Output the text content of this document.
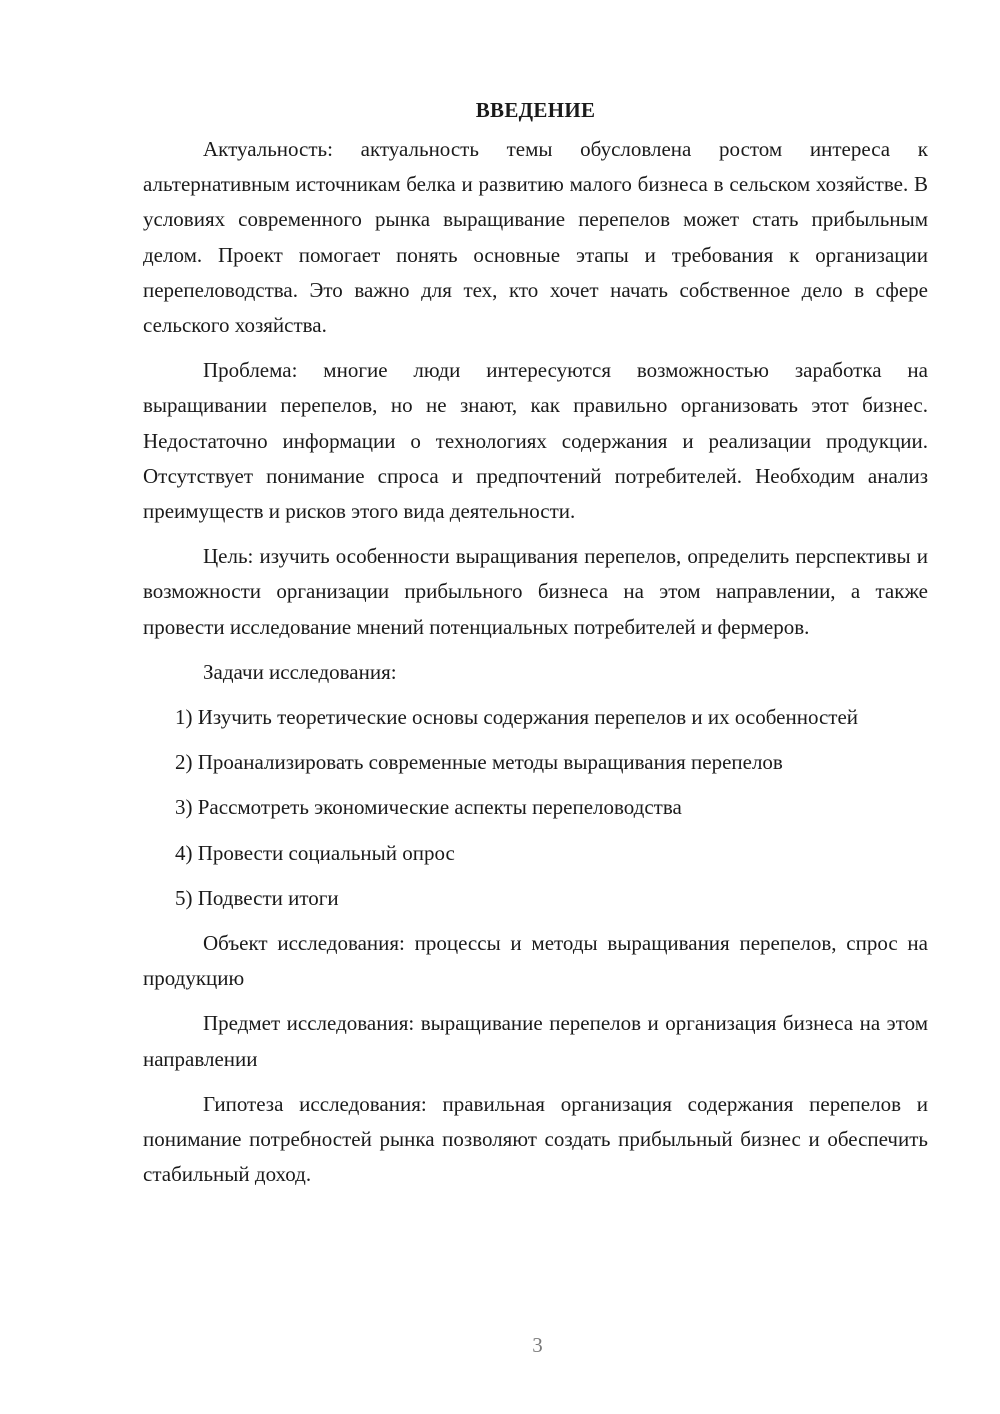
ВВЕДЕНИЕ

Актуальность: актуальность темы обусловлена ростом интереса к альтернативным источникам белка и развитию малого бизнеса в сельском хозяйстве. В условиях современного рынка выращивание перепелов может стать прибыльным делом. Проект помогает понять основные этапы и требования к организации перепеловодства. Это важно для тех, кто хочет начать собственное дело в сфере сельского хозяйства.

Проблема: многие люди интересуются возможностью заработка на выращивании перепелов, но не знают, как правильно организовать этот бизнес. Недостаточно информации о технологиях содержания и реализации продукции. Отсутствует понимание спроса и предпочтений потребителей. Необходим анализ преимуществ и рисков этого вида деятельности.

Цель: изучить особенности выращивания перепелов, определить перспективы и возможности организации прибыльного бизнеса на этом направлении, а также провести исследование мнений потенциальных потребителей и фермеров.

Задачи исследования:

1) Изучить теоретические основы содержания перепелов и их особенностей

2) Проанализировать современные методы выращивания перепелов

3) Рассмотреть экономические аспекты перепеловодства

4) Провести социальный опрос

5) Подвести итоги

Объект исследования: процессы и методы выращивания перепелов, спрос на продукцию

Предмет исследования: выращивание перепелов и организация бизнеса на этом направлении

Гипотеза исследования: правильная организация содержания перепелов и понимание потребностей рынка позволяют создать прибыльный бизнес и обеспечить стабильный доход.

3
